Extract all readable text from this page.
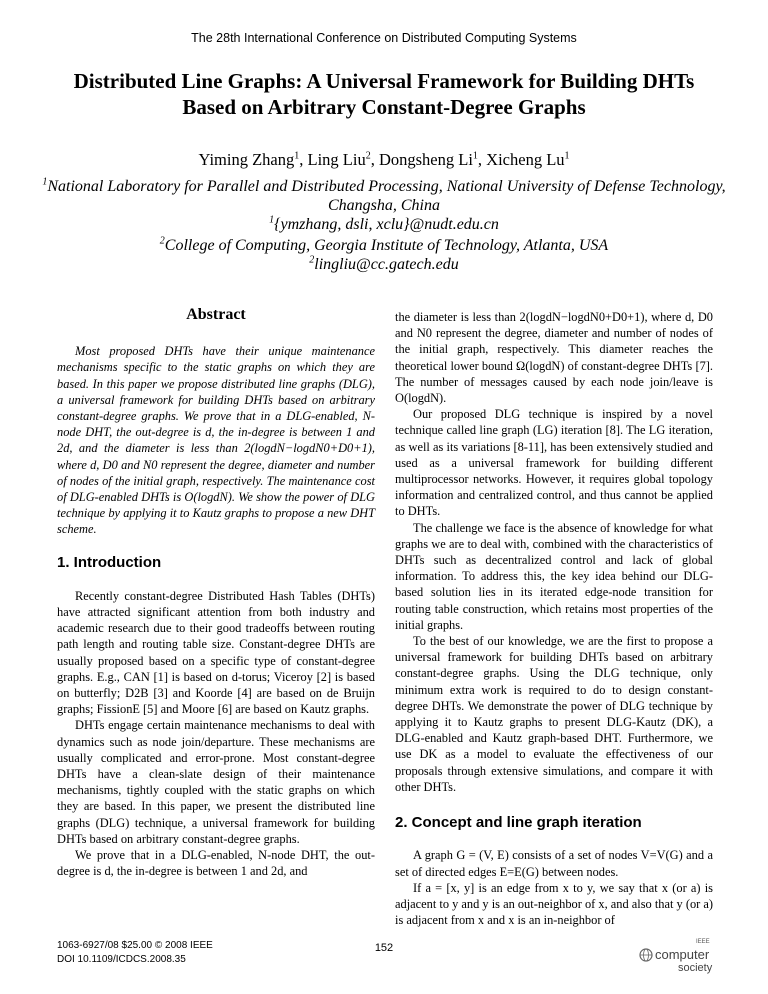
The 28th International Conference on Distributed Computing Systems
Distributed Line Graphs: A Universal Framework for Building DHTs Based on Arbitrary Constant-Degree Graphs
Yiming Zhang$^1$, Ling Liu$^2$, Dongsheng Li$^1$, Xicheng Lu$^1$
$^1$National Laboratory for Parallel and Distributed Processing, National University of Defense Technology, Changsha, China
$^1${ymzhang, dsli, xclu}@nudt.edu.cn
$^2$College of Computing, Georgia Institute of Technology, Atlanta, USA
$^2$lingliu@cc.gatech.edu
Abstract

Most proposed DHTs have their unique maintenance mechanisms specific to the static graphs on which they are based. In this paper we propose distributed line graphs (DLG), a universal framework for building DHTs based on arbitrary constant-degree graphs. We prove that in a DLG-enabled, N-node DHT, the out-degree is d, the in-degree is between 1 and 2d, and the diameter is less than 2(logdN−logdN0+D0+1), where d, D0 and N0 represent the degree, diameter and number of nodes of the initial graph, respectively. The maintenance cost of DLG-enabled DHTs is O(logdN). We show the power of DLG technique by applying it to Kautz graphs to propose a new DHT scheme.

1. Introduction

Recently constant-degree Distributed Hash Tables (DHTs) have attracted significant attention from both industry and academic research due to their good tradeoffs between routing path length and routing table size. Constant-degree DHTs are usually proposed based on a specific type of constant-degree graphs. E.g., CAN [1] is based on d-torus; Viceroy [2] is based on butterfly; D2B [3] and Koorde [4] are based on de Bruijn graphs; FissionE [5] and Moore [6] are based on Kautz graphs.

DHTs engage certain maintenance mechanisms to deal with dynamics such as node join/departure. These mechanisms are usually complicated and error-prone. Most constant-degree DHTs have a clean-slate design of their maintenance mechanisms, tightly coupled with the static graphs on which they are based. In this paper, we present the distributed line graphs (DLG) technique, a universal framework for building DHTs based on arbitrary constant-degree graphs.

We prove that in a DLG-enabled, N-node DHT, the out-degree is d, the in-degree is between 1 and 2d, and

the diameter is less than 2(logdN−logdN0+D0+1), where d, D0 and N0 represent the degree, diameter and number of nodes of the initial graph, respectively. This diameter reaches the theoretical lower bound Ω(logdN) of constant-degree DHTs [7]. The number of messages caused by each node join/leave is O(logdN).

Our proposed DLG technique is inspired by a novel technique called line graph (LG) iteration [8]. The LG iteration, as well as its variations [8-11], has been extensively studied and used as a universal framework for building different multiprocessor networks. However, it requires global topology information and centralized control, and thus cannot be applied to DHTs.

The challenge we face is the absence of knowledge for what graphs we are to deal with, combined with the characteristics of DHTs such as decentralized control and lack of global information. To address this, the key idea behind our DLG-based solution lies in its iterated edge-node transition for routing table construction, which retains most properties of the initial graphs.

To the best of our knowledge, we are the first to propose a universal framework for building DHTs based on arbitrary constant-degree graphs. Using the DLG technique, only minimum extra work is required to do to design constant-degree DHTs. We demonstrate the power of DLG technique by applying it to Kautz graphs to present DLG-Kautz (DK), a DLG-enabled and Kautz graph-based DHT. Furthermore, we use DK as a model to evaluate the effectiveness of our proposals through extensive simulations, and compare it with other DHTs.

2. Concept and line graph iteration

A graph G = (V, E) consists of a set of nodes V=V(G) and a set of directed edges E=E(G) between nodes.

If a = [x, y] is an edge from x to y, we say that x (or a) is adjacent to y and y is an out-neighbor of x, and also that y (or a) is adjacent from x and x is an in-neighbor of

1063-6927/08 $25.00 © 2008 IEEE
DOI 10.1109/ICDCS.2008.35
152	IEEE
computer
society
